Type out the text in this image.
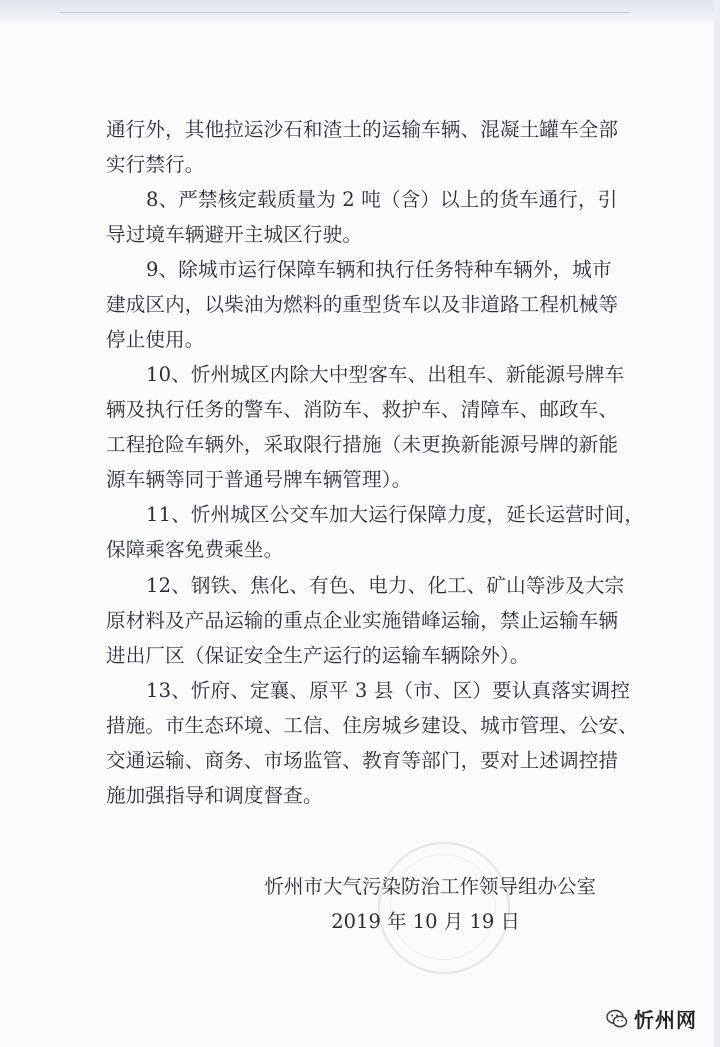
通行外，其他拉运沙石和渣土的运输车辆、混凝土罐车全部
实行禁行。
8、严禁核定载质量为 2 吨（含）以上的货车通行，引
导过境车辆避开主城区行驶。
9、除城市运行保障车辆和执行任务特种车辆外，城市
建成区内，以柴油为燃料的重型货车以及非道路工程机械等
停止使用。
10、忻州城区内除大中型客车、出租车、新能源号牌车
辆及执行任务的警车、消防车、救护车、清障车、邮政车、
工程抢险车辆外，采取限行措施（未更换新能源号牌的新能
源车辆等同于普通号牌车辆管理）。
11、忻州城区公交车加大运行保障力度，延长运营时间，
保障乘客免费乘坐。
12、钢铁、焦化、有色、电力、化工、矿山等涉及大宗
原材料及产品运输的重点企业实施错峰运输，禁止运输车辆
进出厂区（保证安全生产运行的运输车辆除外）。
13、忻府、定襄、原平 3 县（市、区）要认真落实调控
措施。市生态环境、工信、住房城乡建设、城市管理、公安、
交通运输、商务、市场监管、教育等部门，要对上述调控措
施加强指导和调度督查。
忻州市大气污染防治工作领导组办公室
2019 年 10 月 19 日
忻州网
